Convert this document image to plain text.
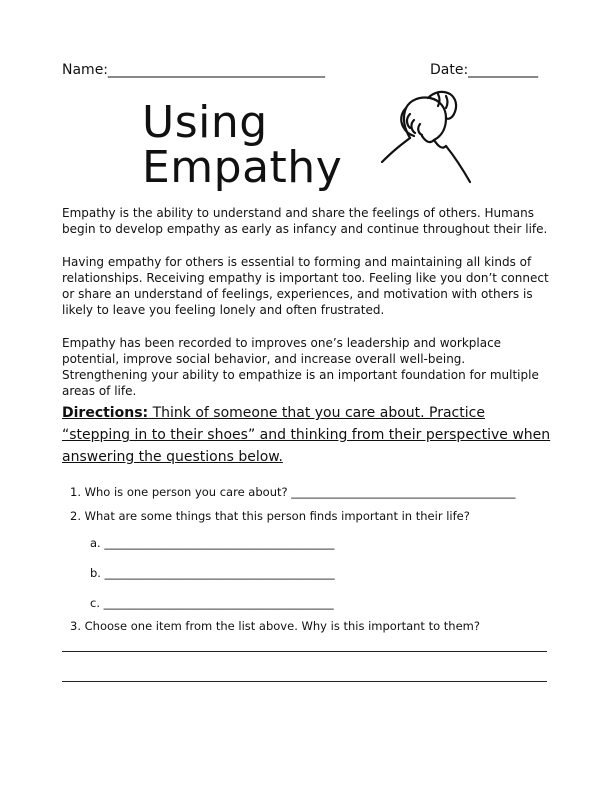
Name:_______________________________	Date:__________
Using
Empathy
Empathy is the ability to understand and share the feelings of others. Humans begin to develop empathy as early as infancy and continue throughout their life.
Having empathy for others is essential to forming and maintaining all kinds of relationships. Receiving empathy is important too. Feeling like you don’t connect or share an understand of feelings, experiences, and motivation with others is likely to leave you feeling lonely and often frustrated.
Empathy has been recorded to improves one’s leadership and workplace potential, improve social behavior, and increase overall well-being. Strengthening your ability to empathize is an important foundation for multiple areas of life.
Directions: Think of someone that you care about. Practice “stepping in to their shoes” and thinking from their perspective when answering the questions below.
1. Who is one person you care about? _______________________________________
2. What are some things that this person finds important in their life?
a. ________________________________________
b. ________________________________________
c. ________________________________________
3. Choose one item from the list above. Why is this important to them?
